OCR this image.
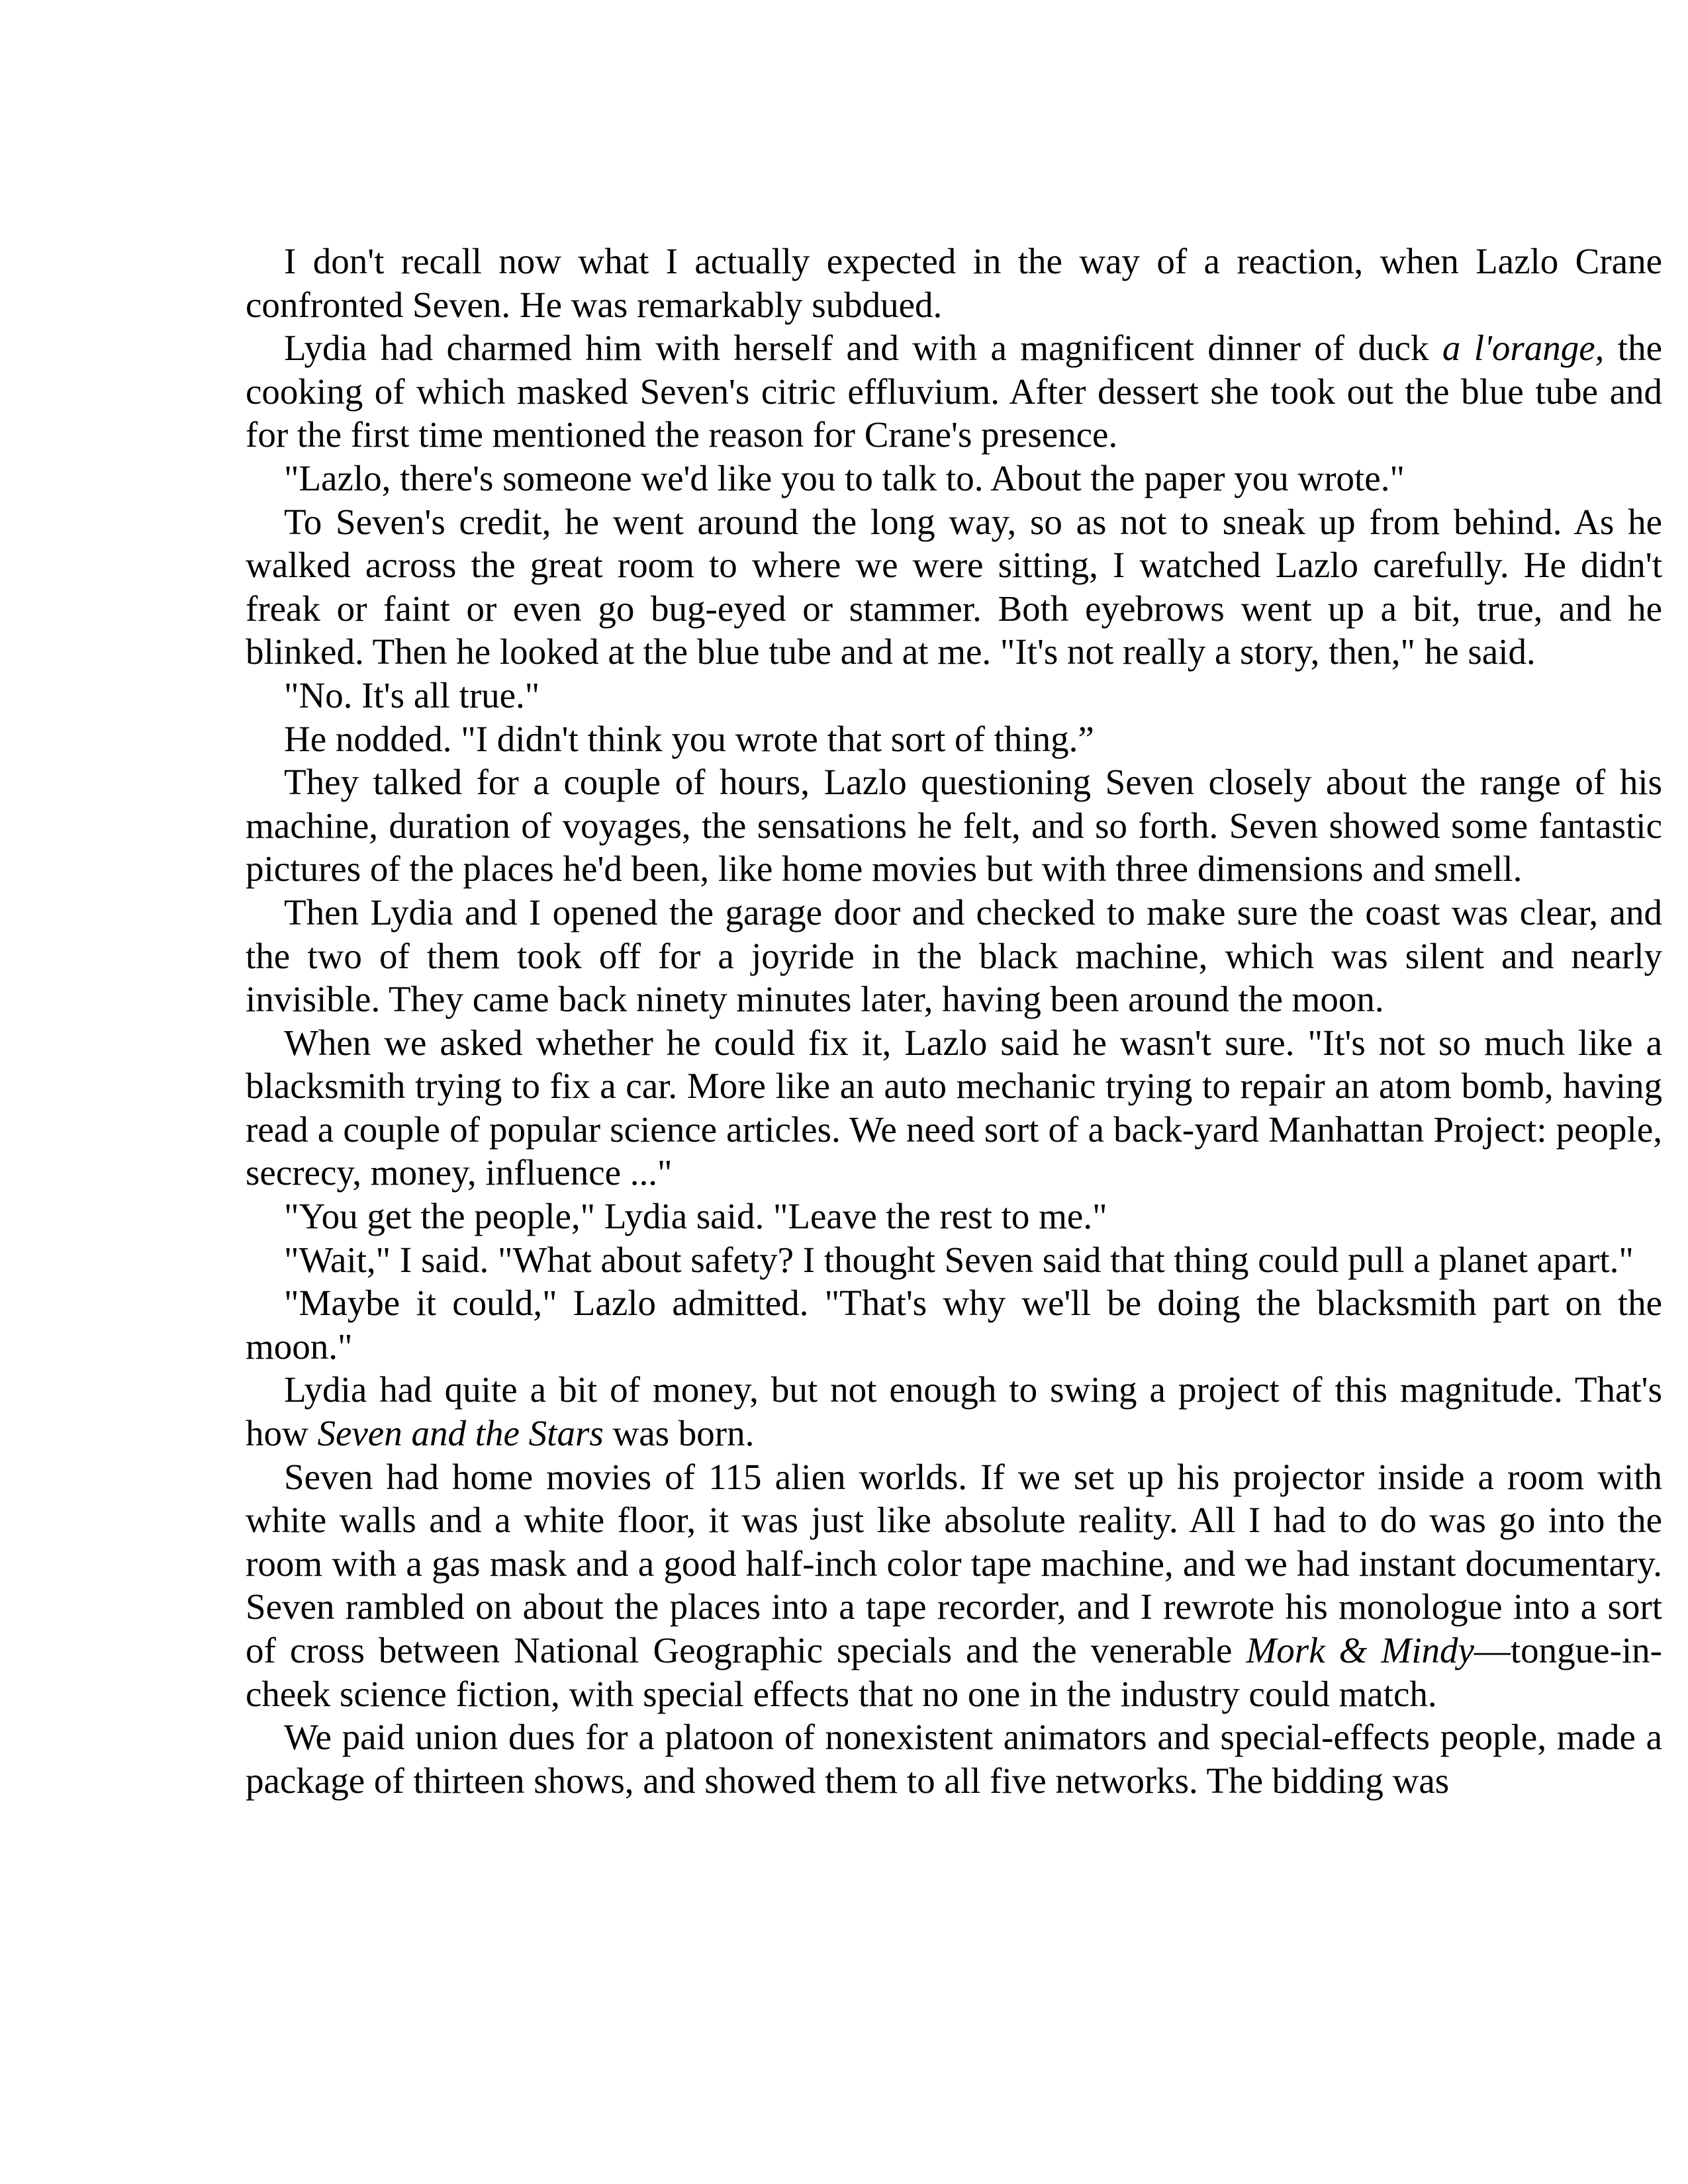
I don't recall now what I actually expected in the way of a reaction, when Lazlo Crane confronted Seven. He was remarkably subdued.

Lydia had charmed him with herself and with a magnificent dinner of duck a l'orange, the cooking of which masked Seven's citric effluvium. After dessert she took out the blue tube and for the first time mentioned the reason for Crane's presence.

"Lazlo, there's someone we'd like you to talk to. About the paper you wrote."

To Seven's credit, he went around the long way, so as not to sneak up from behind. As he walked across the great room to where we were sitting, I watched Lazlo carefully. He didn't freak or faint or even go bug-eyed or stammer. Both eyebrows went up a bit, true, and he blinked. Then he looked at the blue tube and at me. "It's not really a story, then," he said.

"No. It's all true."

He nodded. "I didn't think you wrote that sort of thing.”

They talked for a couple of hours, Lazlo questioning Seven closely about the range of his machine, duration of voyages, the sensations he felt, and so forth. Seven showed some fantastic pictures of the places he'd been, like home movies but with three dimensions and smell.

Then Lydia and I opened the garage door and checked to make sure the coast was clear, and the two of them took off for a joyride in the black machine, which was silent and nearly invisible. They came back ninety minutes later, having been around the moon.

When we asked whether he could fix it, Lazlo said he wasn't sure. "It's not so much like a blacksmith trying to fix a car. More like an auto mechanic trying to repair an atom bomb, having read a couple of popular science articles. We need sort of a back-yard Manhattan Project: people, secrecy, money, influence ..."

"You get the people," Lydia said. "Leave the rest to me."

"Wait," I said. "What about safety? I thought Seven said that thing could pull a planet apart."

"Maybe it could," Lazlo admitted. "That's why we'll be doing the blacksmith part on the moon."

Lydia had quite a bit of money, but not enough to swing a project of this magnitude. That's how Seven and the Stars was born.

Seven had home movies of 115 alien worlds. If we set up his projector inside a room with white walls and a white floor, it was just like absolute reality. All I had to do was go into the room with a gas mask and a good half-inch color tape machine, and we had instant documentary. Seven rambled on about the places into a tape recorder, and I rewrote his monologue into a sort of cross between National Geographic specials and the venerable Mork & Mindy—tongue-in-cheek science fiction, with special effects that no one in the industry could match.

We paid union dues for a platoon of nonexistent animators and special-effects people, made a package of thirteen shows, and showed them to all five networks. The bidding was
